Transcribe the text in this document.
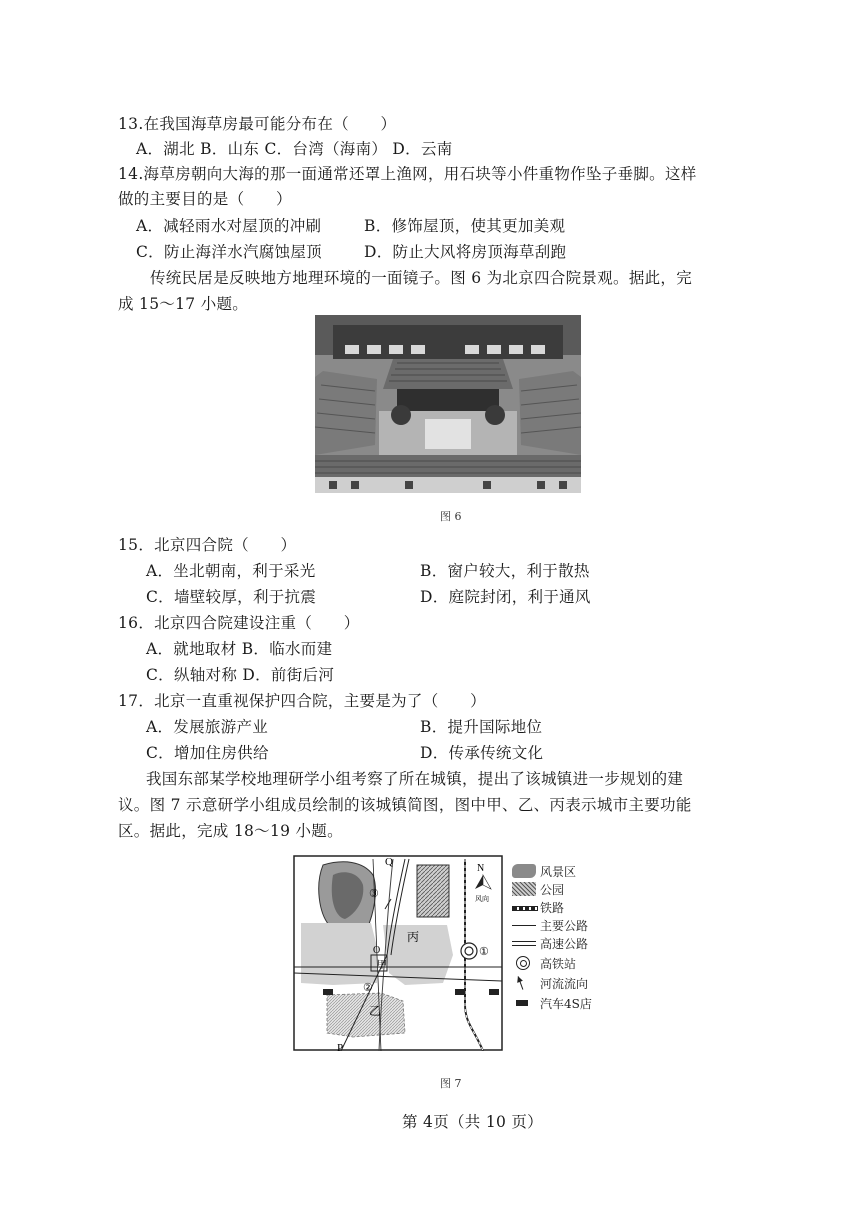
13.在我国海草房最可能分布在（　　）
A．湖北 B．山东 C．台湾（海南） D．云南
14.海草房朝向大海的那一面通常还罩上渔网，用石块等小件重物作坠子垂脚。这样
做的主要目的是（　　）
A．减轻雨水对屋顶的冲刷	B．修饰屋顶，使其更加美观
C．防止海洋水汽腐蚀屋顶	D．防止大风将房顶海草刮跑
传统民居是反映地方地理环境的一面镜子。图 6 为北京四合院景观。据此，完
成 15～17 小题。
图 6
15．北京四合院（　　）
A．坐北朝南，利于采光	B．窗户较大，利于散热
C．墙壁较厚，利于抗震	D．庭院封闭，利于通风
16．北京四合院建设注重（　　）
A．就地取材 B．临水而建
C．纵轴对称 D．前街后河
17．北京一直重视保护四合院，主要是为了（　　）
A．发展旅游产业	B．提升国际地位
C．增加住房供给	D．传承传统文化
我国东部某学校地理研学小组考察了所在城镇，提出了该城镇进一步规划的建
议。图 7 示意研学小组成员绘制的该城镇简图，图中甲、乙、丙表示城市主要功能
区。据此，完成 18～19 小题。
Q
P
O
甲
丙
乙
①
②
③
N
风向
风景区
公园
铁路
主要公路
高速公路
高铁站
河流流向
汽车4S店
图 7
第 4页（共 10 页）
